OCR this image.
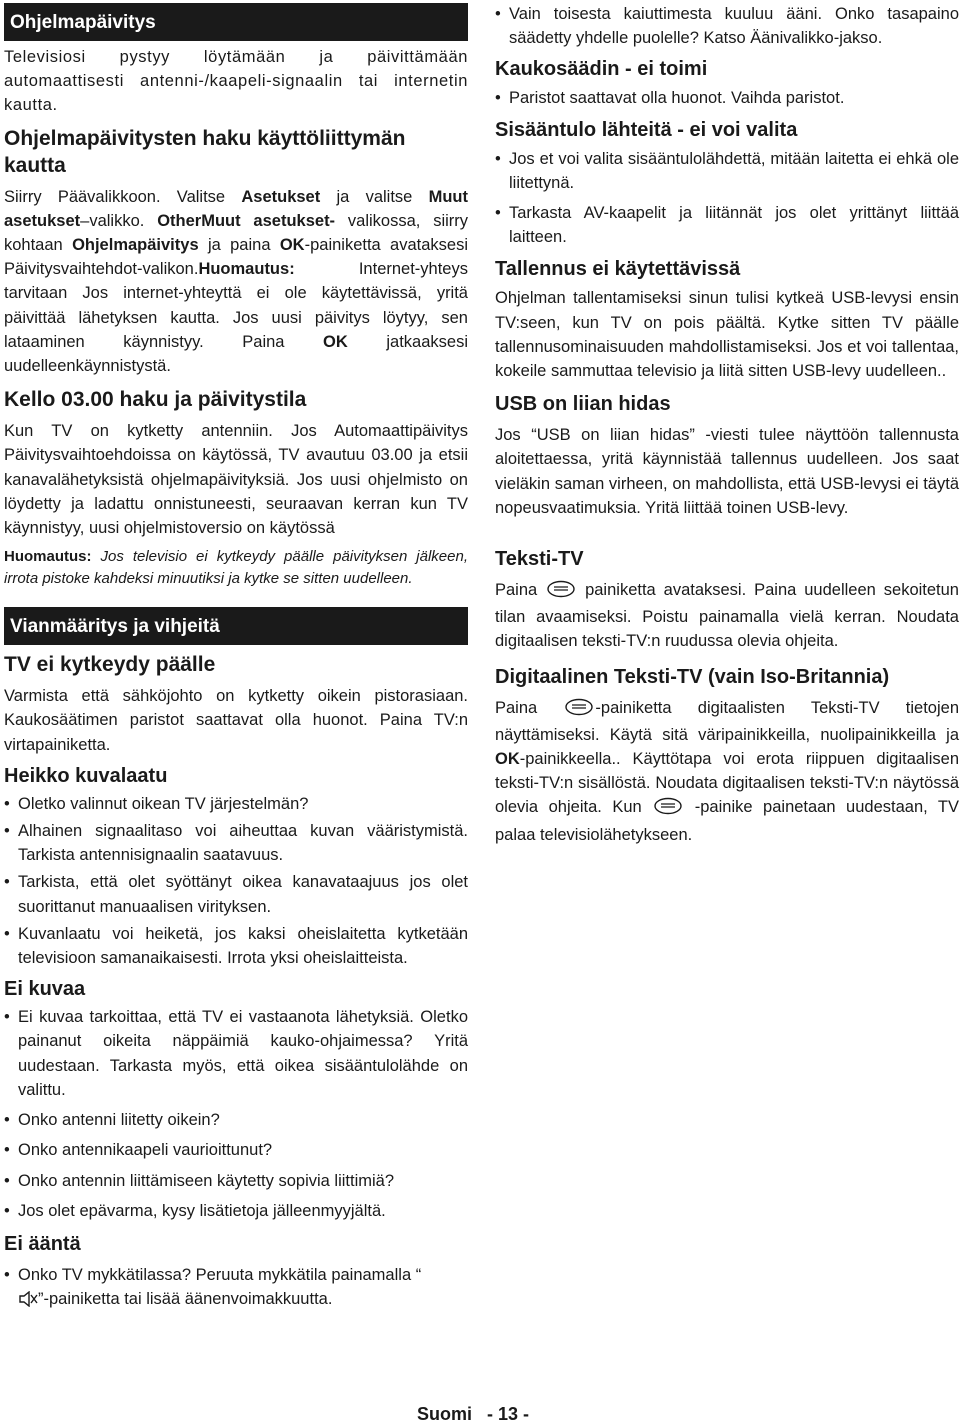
Ohjelmapäivitys

Televisiosi pystyy löytämään ja päivittämään automaattisesti antenni-/kaapeli-signaalin tai internetin kautta.

Ohjelmapäivitysten haku käyttöliittymän kautta

Siirry Päävalikkoon. Valitse Asetukset ja valitse Muut asetukset–valikko. OtherMuut asetukset- valikossa, siirry kohtaan Ohjelmapäivitys ja paina OK-painiketta avataksesi Päivitysvaihtehdot-valikon.Huomautus: Internet-yhteys tarvitaan Jos internet-yhteyttä ei ole käytettävissä, yritä päivittää lähetyksen kautta. Jos uusi päivitys löytyy, sen lataaminen käynnistyy. Paina OK jatkaaksesi uudelleenkäynnistystä.

Kello 03.00 haku ja päivitystila

Kun TV on kytketty antenniin. Jos Automaattipäivitys Päivitysvaihtoehdoissa on käytössä, TV avautuu 03.00 ja etsii kanavalähetyksistä ohjelmapäivityksiä. Jos uusi ohjelmisto on löydetty ja ladattu onnistuneesti, seuraavan kerran kun TV käynnistyy, uusi ohjelmistoversio on käytössä

Huomautus: Jos televisio ei kytkeydy päälle päivityksen jälkeen, irrota pistoke kahdeksi minuutiksi ja kytke se sitten uudelleen.

Vianmääritys ja vihjeitä
TV ei kytkeydy päälle

Varmista että sähköjohto on kytketty oikein pistorasiaan. Kaukosäätimen paristot saattavat olla huonot. Paina TV:n virtapainiketta.

Heikko kuvalaatu
• Oletko valinnut oikean TV järjestelmän?
• Alhainen signaalitaso voi aiheuttaa kuvan vääristymistä. Tarkista antennisignaalin saatavuus.
• Tarkista, että olet syöttänyt oikea kanavataajuus jos olet suorittanut manuaalisen virityksen.
• Kuvanlaatu voi heiketä, jos kaksi oheislaitetta kytketään televisioon samanaikaisesti. Irrota yksi oheislaitteista.
Ei kuvaa
• Ei kuvaa tarkoittaa, että TV ei vastaanota lähetyksiä. Oletko painanut oikeita näppäimiä kauko-ohjaimessa? Yritä uudestaan. Tarkasta myös, että oikea sisääntulolähde on valittu.
• Onko antenni liitetty oikein?
• Onko antennikaapeli vaurioittunut?
• Onko antennin liittämiseen käytetty sopivia liittimiä?
• Jos olet epävarma, kysy lisätietoja jälleenmyyjältä.
Ei ääntä
• Onko TV mykkätilassa? Peruuta mykkätila painamalla “
”-painiketta tai lisää äänenvoimakkuutta.
• Vain toisesta kaiuttimesta kuuluu ääni. Onko tasapaino säädetty yhdelle puolelle? Katso Äänivalikko-jakso.
Kaukosäädin - ei toimi
• Paristot saattavat olla huonot. Vaihda paristot.
Sisääntulo lähteitä - ei voi valita
• Jos et voi valita sisääntulolähdettä, mitään laitetta ei ehkä ole liitettynä.
• Tarkasta AV-kaapelit ja liitännät jos olet yrittänyt liittää laitteen.
Tallennus ei käytettävissä

Ohjelman tallentamiseksi sinun tulisi kytkeä USB-levysi ensin TV:seen, kun TV on pois päältä. Kytke sitten TV päälle tallennusominaisuuden mahdollistamiseksi. Jos et voi tallentaa, kokeile sammuttaa televisio ja liitä sitten USB-levy uudelleen..

USB on liian hidas

Jos “USB on liian hidas” -viesti tulee näyttöön tallennusta aloitettaessa, yritä käynnistää tallennus uudelleen. Jos saat vieläkin saman virheen, on mahdollista, että USB-levysi ei täytä nopeusvaatimuksia. Yritä liittää toinen USB-levy.

Teksti-TV

Paina  painiketta avataksesi. Paina uudelleen sekoitetun tilan avaamiseksi. Poistu painamalla vielä kerran. Noudata digitaalisen teksti-TV:n ruudussa olevia ohjeita.

Digitaalinen Teksti-TV (vain Iso-Britannia)

Paina -painiketta digitaalisten Teksti-TV tietojen näyttämiseksi. Käytä sitä väripainikkeilla, nuolipainikkeilla ja OK-painikkeella.. Käyttötapa voi erota riippuen digitaalisen teksti-TV:n sisällöstä. Noudata digitaalisen teksti-TV:n näytössä olevia ohjeita. Kun  -painike painetaan uudestaan, TV palaa televisiolähetykseen.

Suomi - 13 -
